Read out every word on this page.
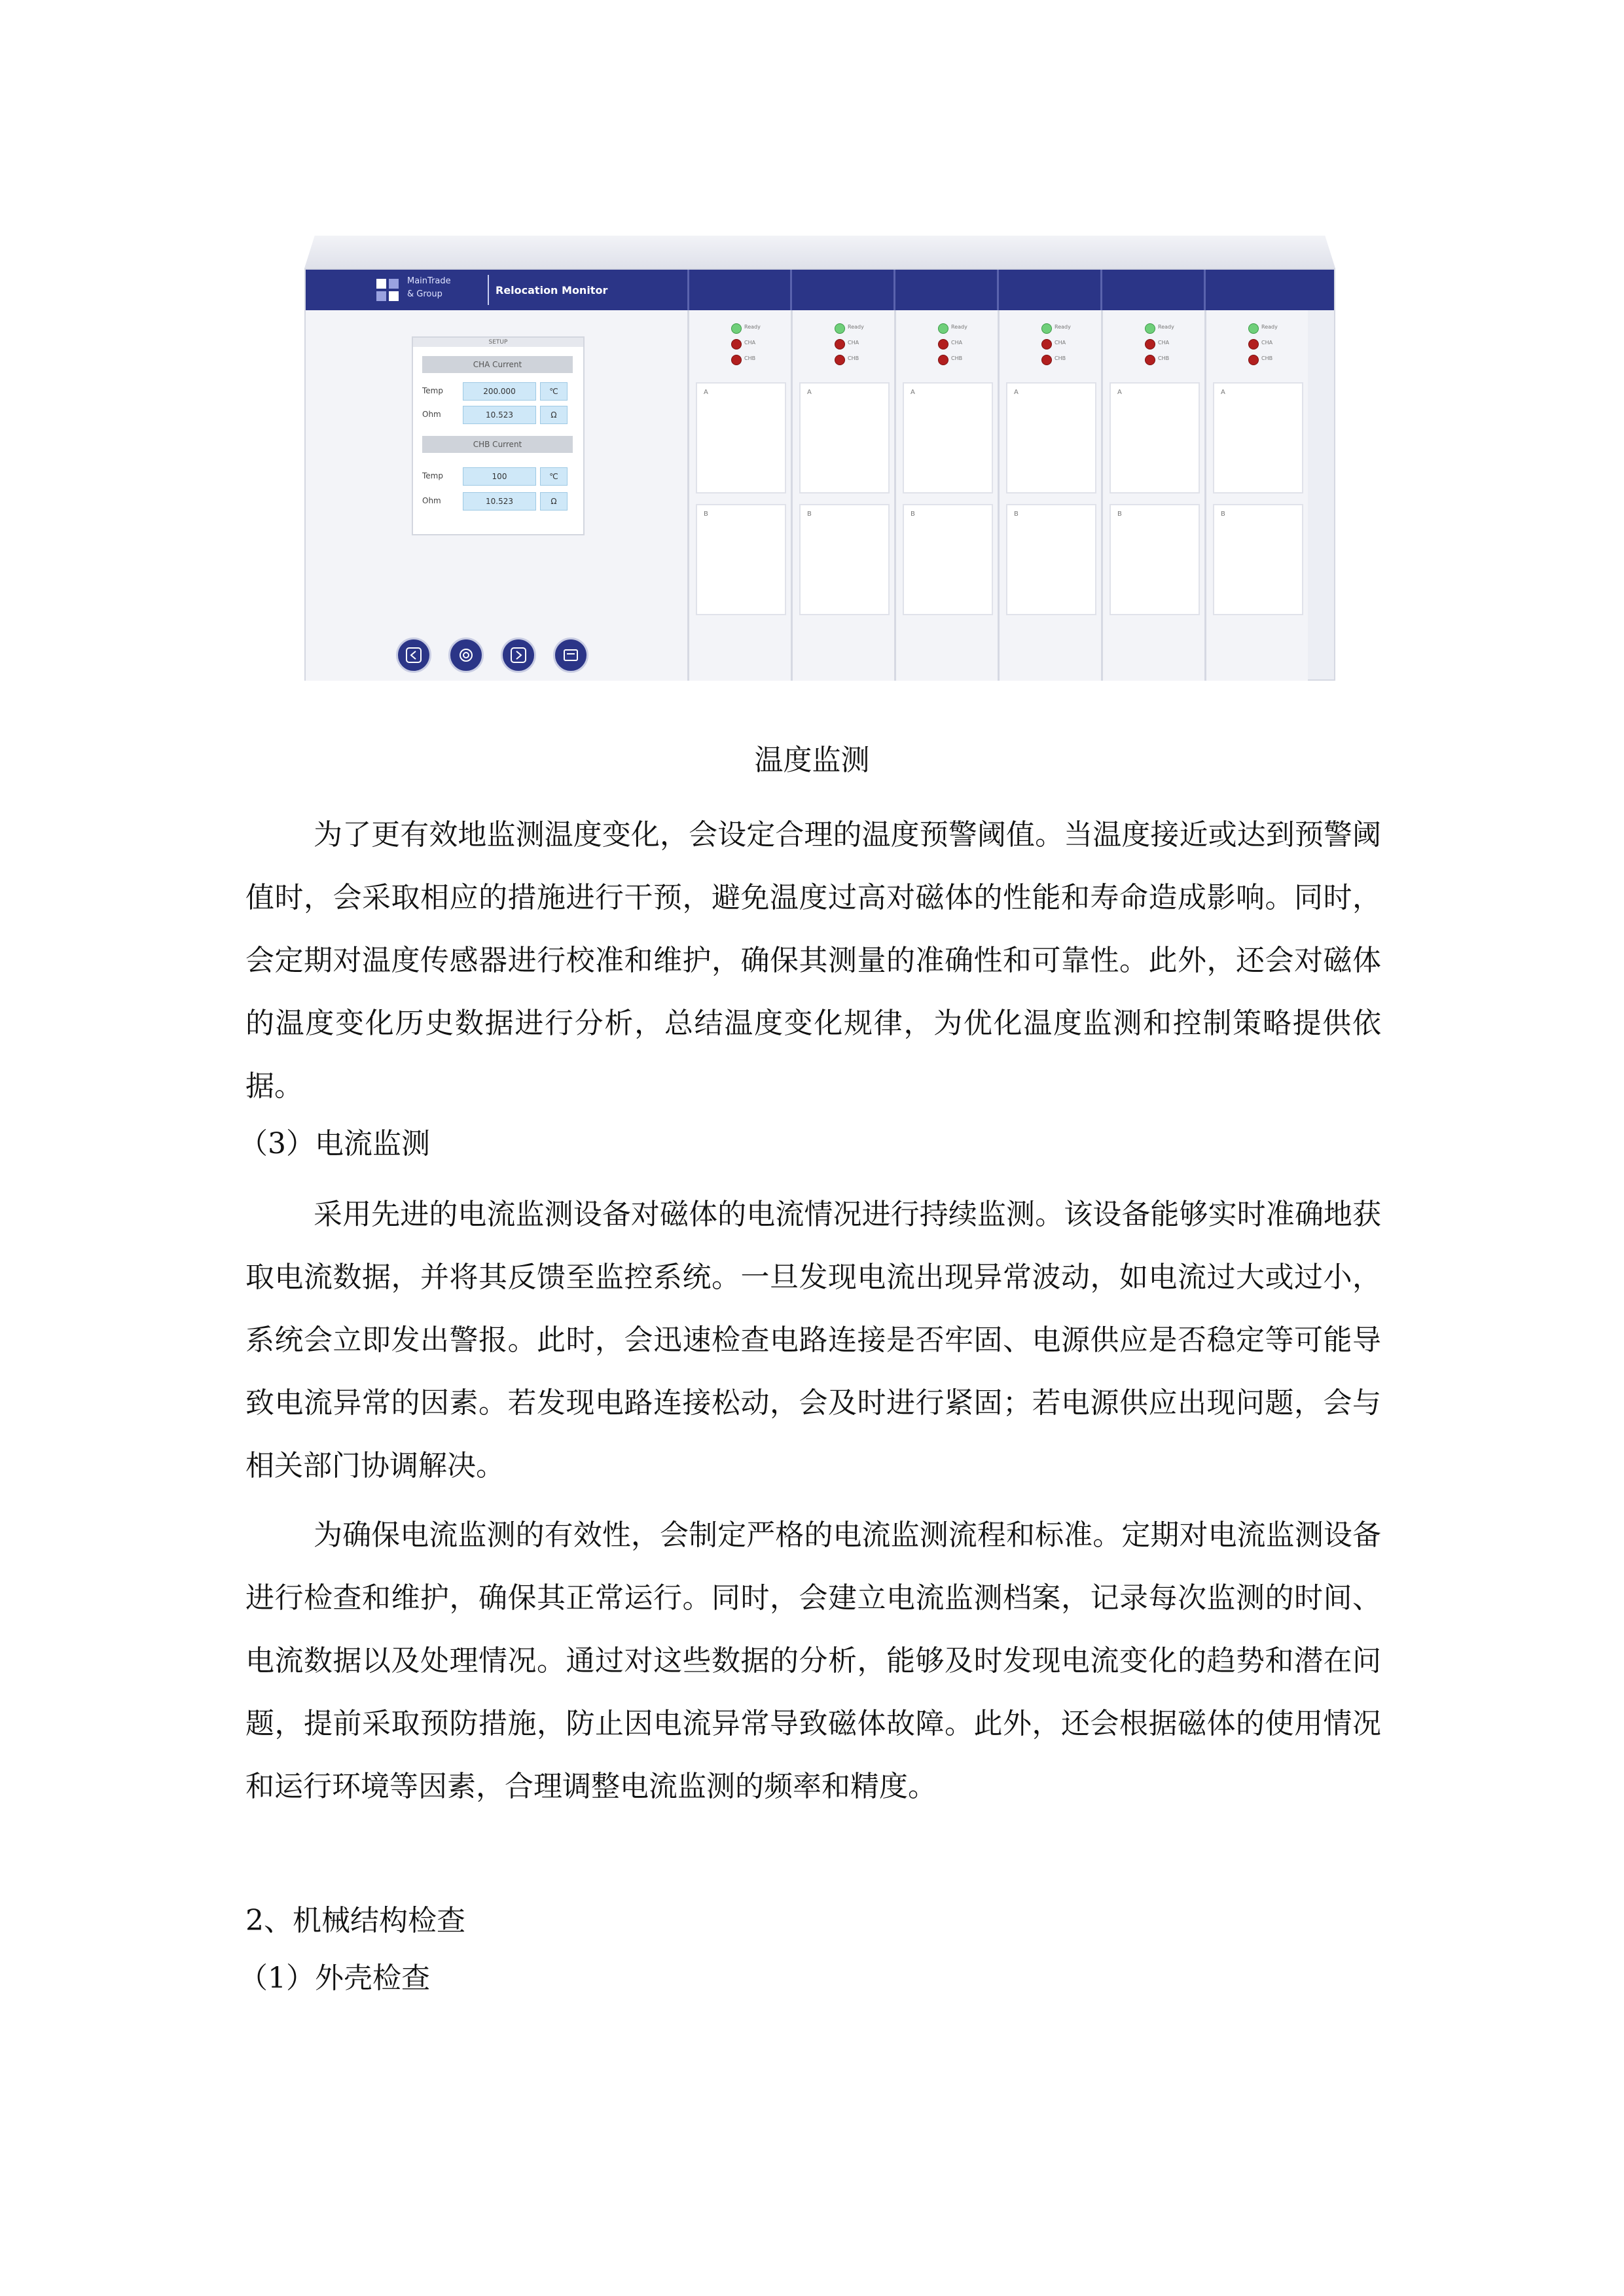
MainTrade
& Group	Relocation Monitor
SETUP
CHA Current
Temp	200.000	℃
Ohm	10.523	Ω
CHB Current
Temp	100	℃
Ohm	10.523	Ω
Ready
CHA
CHB
A
B
Ready
CHA
CHB
A
B
Ready
CHA
CHB
A
B
Ready
CHA
CHB
A
B
Ready
CHA
CHB
A
B
Ready
CHA
CHB
A
B
温度监测

为了更有效地监测温度变化，会设定合理的温度预警阈值。当温度接近或达到预警阈值时，会采取相应的措施进行干预，避免温度过高对磁体的性能和寿命造成影响。同时，会定期对温度传感器进行校准和维护，确保其测量的准确性和可靠性。此外，还会对磁体的温度变化历史数据进行分析，总结温度变化规律，为优化温度监测和控制策略提供依据。

（3）电流监测

采用先进的电流监测设备对磁体的电流情况进行持续监测。该设备能够实时准确地获取电流数据，并将其反馈至监控系统。一旦发现电流出现异常波动，如电流过大或过小，系统会立即发出警报。此时，会迅速检查电路连接是否牢固、电源供应是否稳定等可能导致电流异常的因素。若发现电路连接松动，会及时进行紧固；若电源供应出现问题，会与相关部门协调解决。

为确保电流监测的有效性，会制定严格的电流监测流程和标准。定期对电流监测设备进行检查和维护，确保其正常运行。同时，会建立电流监测档案，记录每次监测的时间、电流数据以及处理情况。通过对这些数据的分析，能够及时发现电流变化的趋势和潜在问题，提前采取预防措施，防止因电流异常导致磁体故障。此外，还会根据磁体的使用情况和运行环境等因素，合理调整电流监测的频率和精度。

2、机械结构检查
（1）外壳检查
